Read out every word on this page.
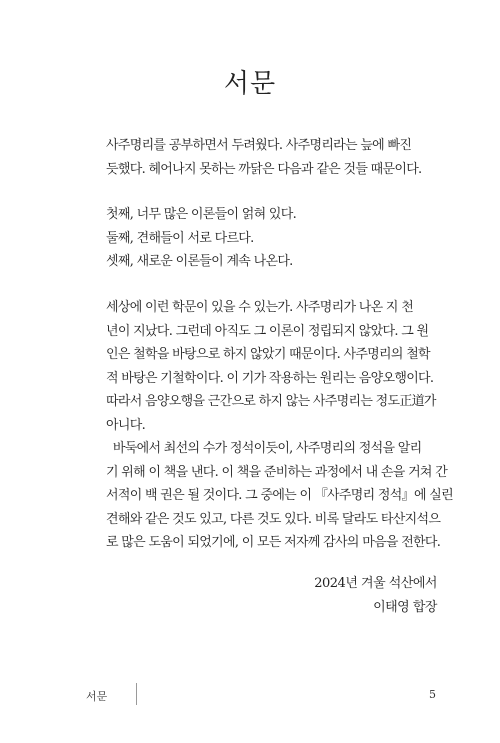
서문
사주명리를 공부하면서 두려웠다. 사주명리라는 늪에 빠진
듯했다. 헤어나지 못하는 까닭은 다음과 같은 것들 때문이다.
첫째, 너무 많은 이론들이 얽혀 있다.
둘째, 견해들이 서로 다르다.
셋째, 새로운 이론들이 계속 나온다.
세상에 이런 학문이 있을 수 있는가. 사주명리가 나온 지 천
년이 지났다. 그런데 아직도 그 이론이 정립되지 않았다. 그 원
인은 철학을 바탕으로 하지 않았기 때문이다. 사주명리의 철학
적 바탕은 기철학이다. 이 기가 작용하는 원리는 음양오행이다.
따라서 음양오행을 근간으로 하지 않는 사주명리는 정도正道가
아니다.
바둑에서 최선의 수가 정석이듯이, 사주명리의 정석을 알리
기 위해 이 책을 낸다. 이 책을 준비하는 과정에서 내 손을 거쳐 간
서적이 백 권은 될 것이다. 그 중에는 이 『사주명리 정석』에 실린
견해와 같은 것도 있고, 다른 것도 있다. 비록 달라도 타산지석으
로 많은 도움이 되었기에, 이 모든 저자께 감사의 마음을 전한다.
2024년 겨울 석산에서
이태영 합장
서문	5
